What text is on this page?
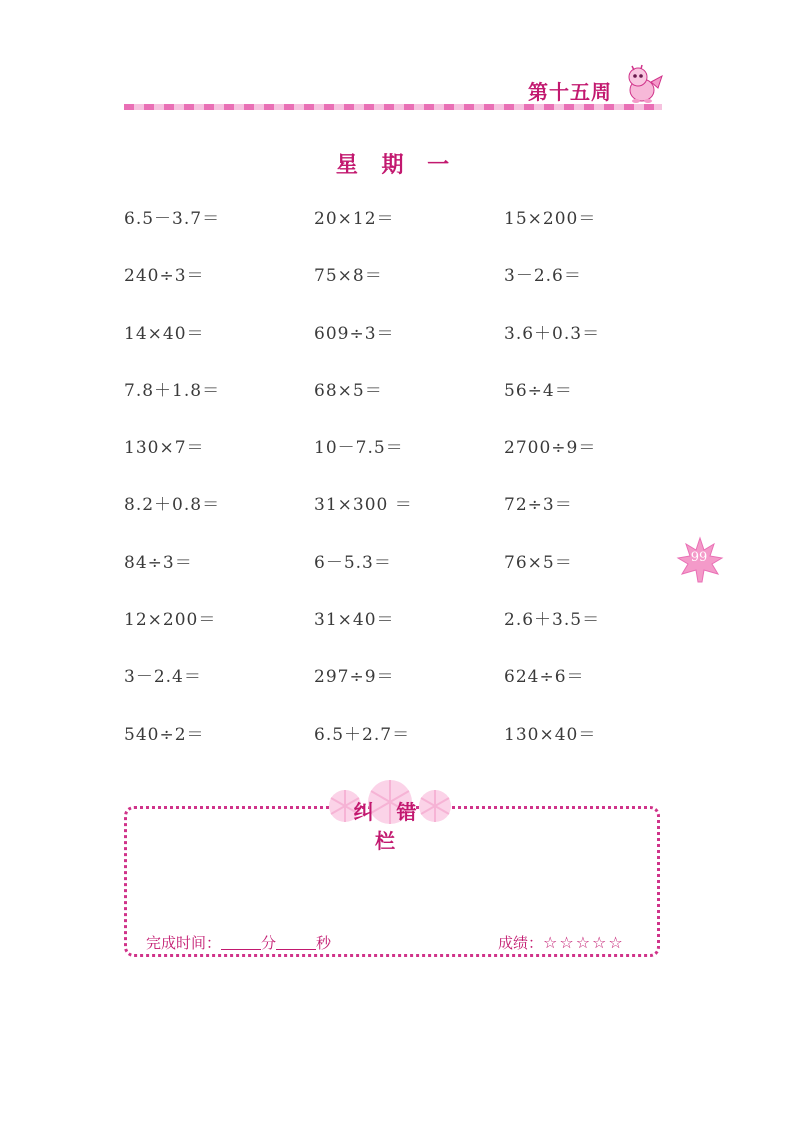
第十五周
星 期 一
6.5－3.7＝	20×12＝	15×200＝
240÷3＝	75×8＝	3－2.6＝
14×40＝	609÷3＝	3.6＋0.3＝
7.8＋1.8＝	68×5＝	56÷4＝
130×7＝	10－7.5＝	2700÷9＝
8.2＋0.8＝	31×300 ＝	72÷3＝
84÷3＝	6－5.3＝	76×5＝
12×200＝	31×40＝	2.6＋3.5＝
3－2.4＝	297÷9＝	624÷6＝
540÷2＝	6.5＋2.7＝	130×40＝
99
纠 错 栏
完成时间：	分	秒	成绩：☆☆☆☆☆
